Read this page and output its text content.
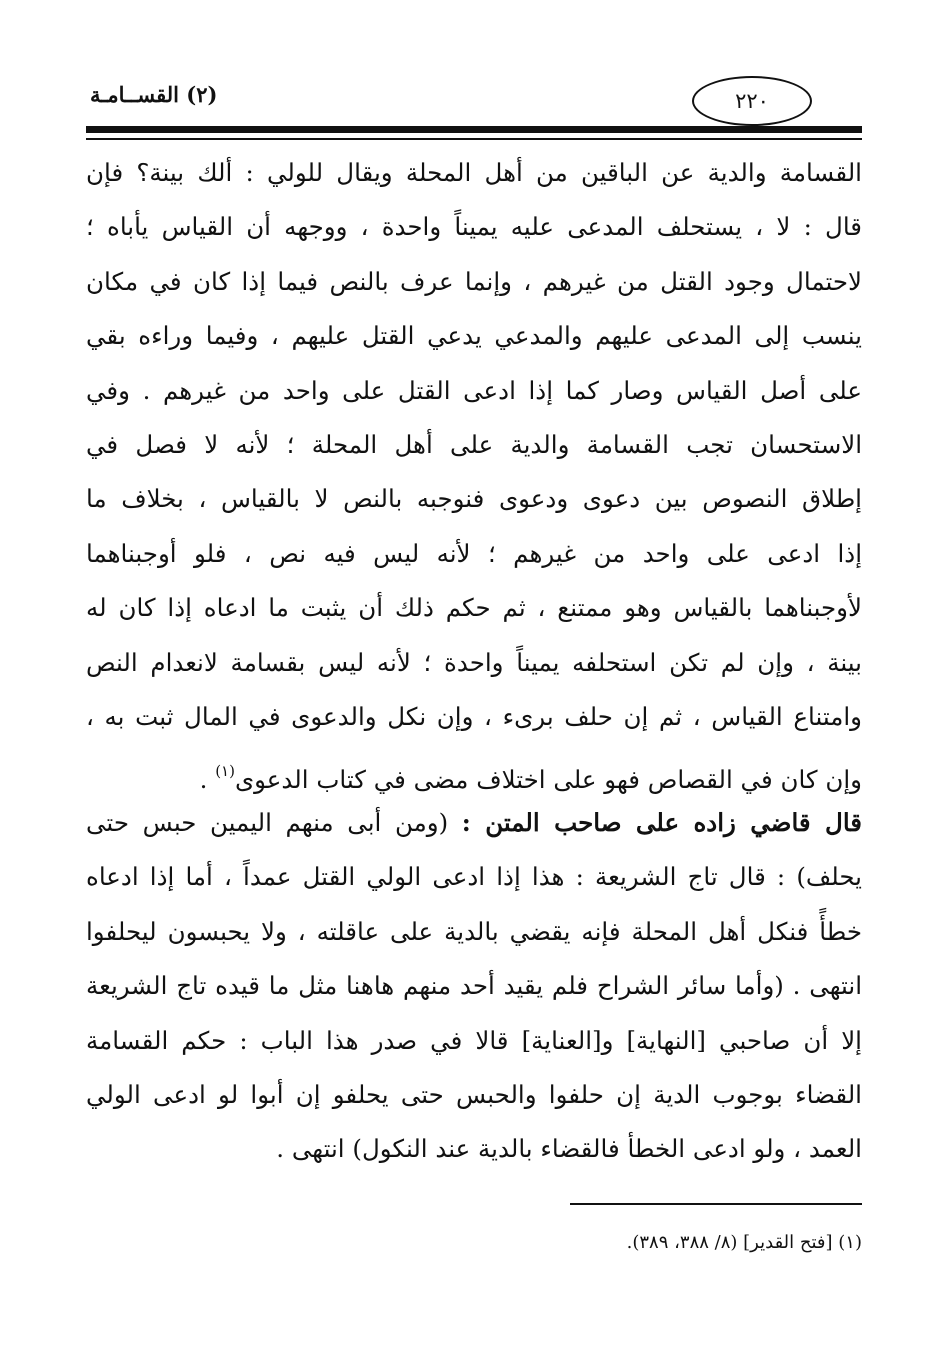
(٢) القســامـة	٢٢٠
القسامة والدية عن الباقين من أهل المحلة ويقال للولي : ألك بينة؟ فإن
قال : لا ، يستحلف المدعى عليه يميناً واحدة ، ووجهه أن القياس يأباه ؛
لاحتمال وجود القتل من غيرهم ، وإنما عرف بالنص فيما إذا كان في مكان
ينسب إلى المدعى عليهم والمدعي يدعي القتل عليهم ، وفيما وراءه بقي
على أصل القياس وصار كما إذا ادعى القتل على واحد من غيرهم . وفي
الاستحسان تجب القسامة والدية على أهل المحلة ؛ لأنه لا فصل في
إطلاق النصوص بين دعوى ودعوى فنوجبه بالنص لا بالقياس ، بخلاف ما
إذا ادعى على واحد من غيرهم ؛ لأنه ليس فيه نص ، فلو أوجبناهما
لأوجبناهما بالقياس وهو ممتنع ، ثم حكم ذلك أن يثبت ما ادعاه إذا كان له
بينة ، وإن لم تكن استحلفه يميناً واحدة ؛ لأنه ليس بقسامة لانعدام النص
وامتناع القياس ، ثم إن حلف برىء ، وإن نكل والدعوى في المال ثبت به ،
وإن كان في القصاص فهو على اختلاف مضى في كتاب الدعوى$^{(١)}$ .
قال قاضي زاده على صاحب المتن : (ومن أبى منهم اليمين حبس حتى
يحلف) : قال تاج الشريعة : هذا إذا ادعى الولي القتل عمداً ، أما إذا ادعاه
خطأً فنكل أهل المحلة فإنه يقضي بالدية على عاقلته ، ولا يحبسون ليحلفوا
انتهى . (وأما سائر الشراح فلم يقيد أحد منهم هاهنا مثل ما قيده تاج الشريعة
إلا أن صاحبي [النهاية] و[العناية] قالا في صدر هذا الباب : حكم القسامة
القضاء بوجوب الدية إن حلفوا والحبس حتى يحلفو إن أبوا لو ادعى الولي
العمد ، ولو ادعى الخطأ فالقضاء بالدية عند النكول) انتهى .
(١) [فتح القدير] (٨/ ٣٨٨، ٣٨٩).
